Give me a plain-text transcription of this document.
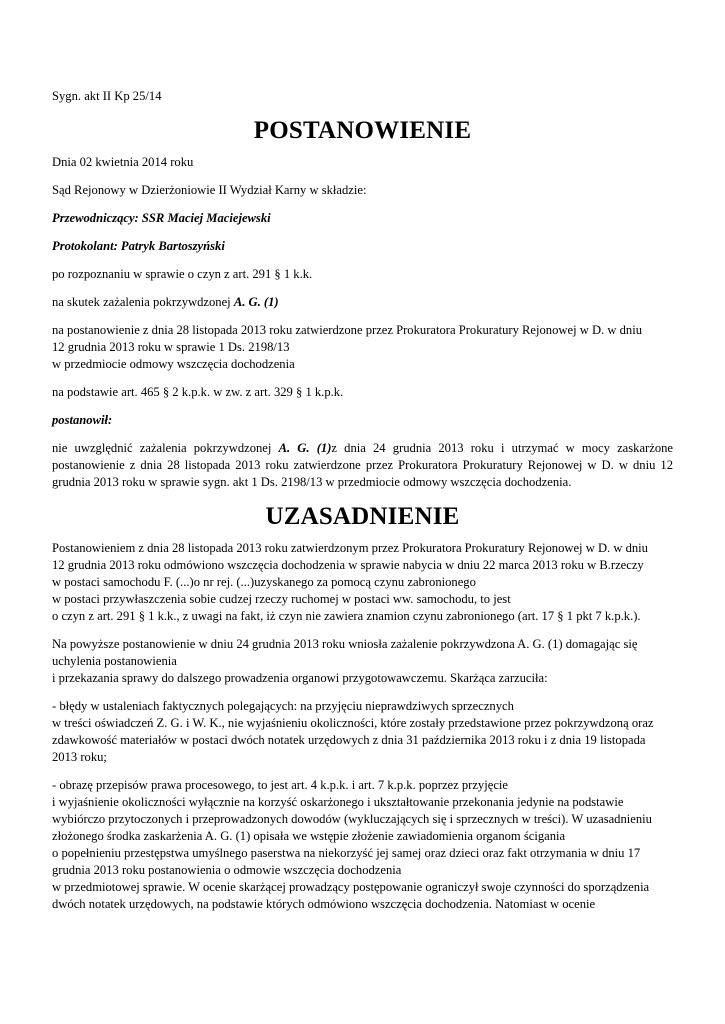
Sygn. akt II Kp 25/14

POSTANOWIENIE

Dnia 02 kwietnia 2014 roku

Sąd Rejonowy w Dzierżoniowie II Wydział Karny w składzie:

Przewodniczący: SSR Maciej Maciejewski

Protokolant: Patryk Bartoszyński

po rozpoznaniu w sprawie o czyn z art. 291 § 1 k.k.

na skutek zażalenia pokrzywdzonej A. G. (1)

na postanowienie z dnia 28 listopada 2013 roku zatwierdzone przez Prokuratora Prokuratury Rejonowej w D. w dniu
12 grudnia 2013 roku w sprawie 1 Ds. 2198/13
w przedmiocie odmowy wszczęcia dochodzenia

na podstawie art. 465 § 2 k.p.k. w zw. z art. 329 § 1 k.p.k.

postanowił:

nie uwzględnić zażalenia pokrzywdzonej A. G. (1)z dnia 24 grudnia 2013 roku i utrzymać w mocy zaskarżone postanowienie z dnia 28 listopada 2013 roku zatwierdzone przez Prokuratora Prokuratury Rejonowej w D. w dniu 12 grudnia 2013 roku w sprawie sygn. akt 1 Ds. 2198/13 w przedmiocie odmowy wszczęcia dochodzenia.

UZASADNIENIE

Postanowieniem z dnia 28 listopada 2013 roku zatwierdzonym przez Prokuratora Prokuratury Rejonowej w D. w dniu
12 grudnia 2013 roku odmówiono wszczęcia dochodzenia w sprawie nabycia w dniu 22 marca 2013 roku w B.rzeczy
w postaci samochodu F. (...)o nr rej. (...)uzyskanego za pomocą czynu zabronionego
w postaci przywłaszczenia sobie cudzej rzeczy ruchomej w postaci ww. samochodu, to jest
o czyn z art. 291 § 1 k.k., z uwagi na fakt, iż czyn nie zawiera znamion czynu zabronionego (art. 17 § 1 pkt 7 k.p.k.).

Na powyższe postanowienie w dniu 24 grudnia 2013 roku wniosła zażalenie pokrzywdzona A. G. (1) domagając się
uchylenia postanowienia
i przekazania sprawy do dalszego prowadzenia organowi przygotowawczemu. Skarżąca zarzuciła:

- błędy w ustaleniach faktycznych polegających: na przyjęciu nieprawdziwych sprzecznych
w treści oświadczeń Z. G. i W. K., nie wyjaśnieniu okoliczności, które zostały przedstawione przez pokrzywdzoną oraz
zdawkowość materiałów w postaci dwóch notatek urzędowych z dnia 31 października 2013 roku i z dnia 19 listopada
2013 roku;

- obrazę przepisów prawa procesowego, to jest art. 4 k.p.k. i art. 7 k.p.k. poprzez przyjęcie
i wyjaśnienie okoliczności wyłącznie na korzyść oskarżonego i ukształtowanie przekonania jedynie na podstawie
wybiórczo przytoczonych i przeprowadzonych dowodów (wykluczających się i sprzecznych w treści). W uzasadnieniu
złożonego środka zaskarżenia A. G. (1) opisała we wstępie złożenie zawiadomienia organom ścigania
o popełnieniu przestępstwa umyślnego paserstwa na niekorzyść jej samej oraz dzieci oraz fakt otrzymania w dniu 17
grudnia 2013 roku postanowienia o odmowie wszczęcia dochodzenia
w przedmiotowej sprawie. W ocenie skarżącej prowadzący postępowanie ograniczył swoje czynności do sporządzenia
dwóch notatek urzędowych, na podstawie których odmówiono wszczęcia dochodzenia. Natomiast w ocenie
